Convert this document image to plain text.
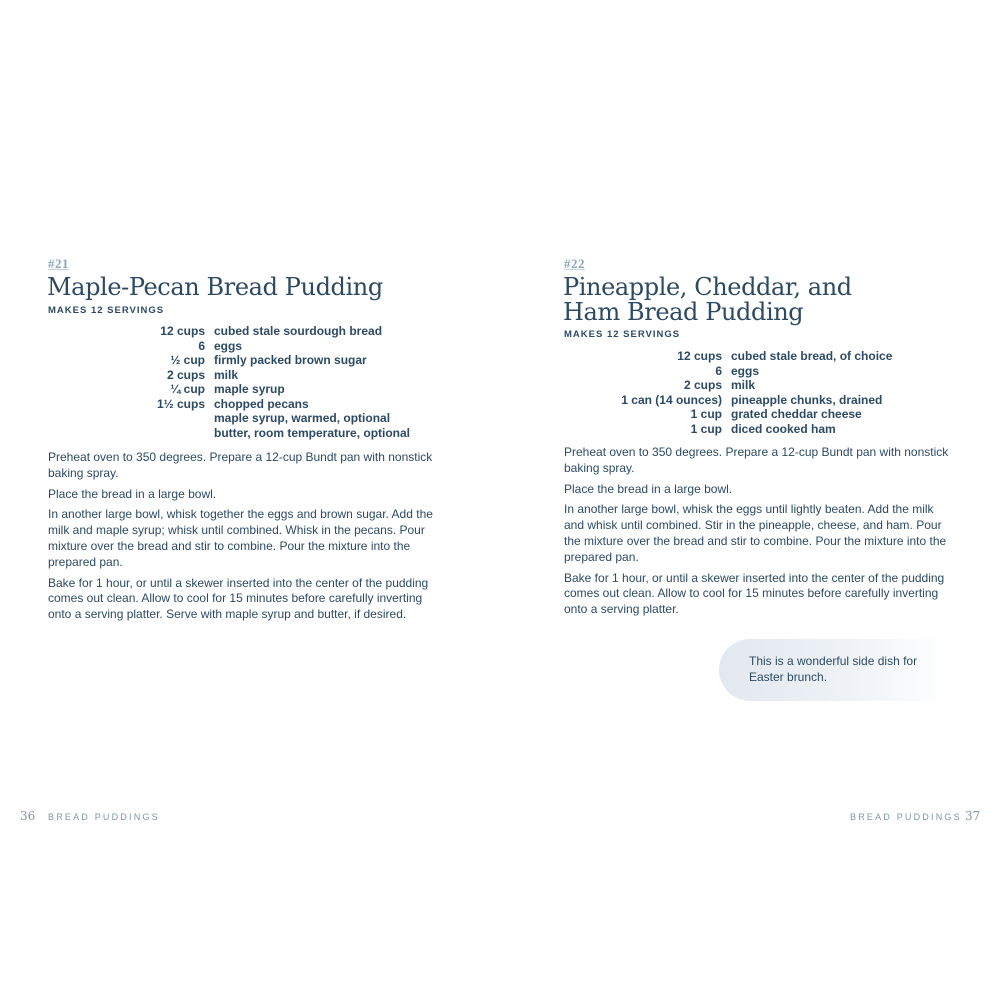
#21
Maple-Pecan Bread Pudding
MAKES 12 SERVINGS
12 cups cubed stale sourdough bread
6 eggs
½ cup firmly packed brown sugar
2 cups milk
¼ cup maple syrup
1½ cups chopped pecans
maple syrup, warmed, optional
butter, room temperature, optional

Preheat oven to 350 degrees. Prepare a 12-cup Bundt pan with nonstick baking spray.

Place the bread in a large bowl.

In another large bowl, whisk together the eggs and brown sugar. Add the milk and maple syrup; whisk until combined. Whisk in the pecans. Pour mixture over the bread and stir to combine. Pour the mixture into the prepared pan.

Bake for 1 hour, or until a skewer inserted into the center of the pudding comes out clean. Allow to cool for 15 minutes before carefully inverting onto a serving platter. Serve with maple syrup and butter, if desired.

36 BREAD PUDDINGS
#22
Pineapple, Cheddar, and Ham Bread Pudding
MAKES 12 SERVINGS
12 cups cubed stale bread, of choice
6 eggs
2 cups milk
1 can (14 ounces) pineapple chunks, drained
1 cup grated cheddar cheese
1 cup diced cooked ham

Preheat oven to 350 degrees. Prepare a 12-cup Bundt pan with nonstick baking spray.

Place the bread in a large bowl.

In another large bowl, whisk the eggs until lightly beaten. Add the milk and whisk until combined. Stir in the pineapple, cheese, and ham. Pour the mixture over the bread and stir to combine. Pour the mixture into the prepared pan.

Bake for 1 hour, or until a skewer inserted into the center of the pudding comes out clean. Allow to cool for 15 minutes before carefully inverting onto a serving platter.

This is a wonderful side dish for Easter brunch.
BREAD PUDDINGS 37
